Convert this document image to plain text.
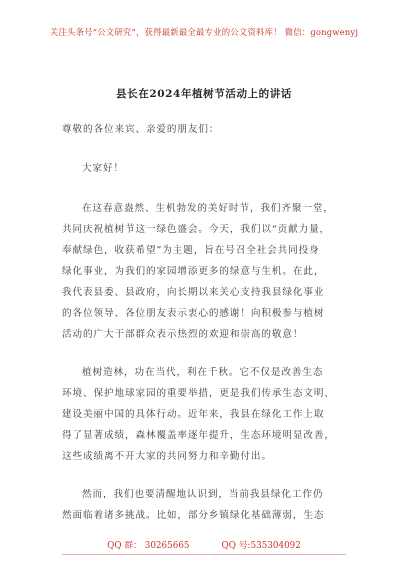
关注头条号“公文研究”，获得最新最全最专业的公文资料库！ 微信：gongwenyj
县长在2024年植树节活动上的讲话
尊敬的各位来宾、亲爱的朋友们：
大家好！
在这春意盎然、生机勃发的美好时节，我们齐聚一堂，
共同庆祝植树节这一绿色盛会。今天，我们以“贡献力量，
奉献绿色，收获希望”为主题，旨在号召全社会共同投身
绿化事业，为我们的家园增添更多的绿意与生机。在此，
我代表县委、县政府，向长期以来关心支持我县绿化事业
的各位领导、各位朋友表示衷心的感谢！向积极参与植树
活动的广大干部群众表示热烈的欢迎和崇高的敬意！
植树造林，功在当代，利在千秋。它不仅是改善生态
环境、保护地球家园的重要举措，更是我们传承生态文明、
建设美丽中国的具体行动。近年来，我县在绿化工作上取
得了显著成绩，森林覆盖率逐年提升，生态环境明显改善，
这些成绩离不开大家的共同努力和辛勤付出。
然而，我们也要清醒地认识到，当前我县绿化工作仍
然面临着诸多挑战。比如，部分乡镇绿化基础薄弱，生态
QQ 群： 30265665	QQ 号:535304092
